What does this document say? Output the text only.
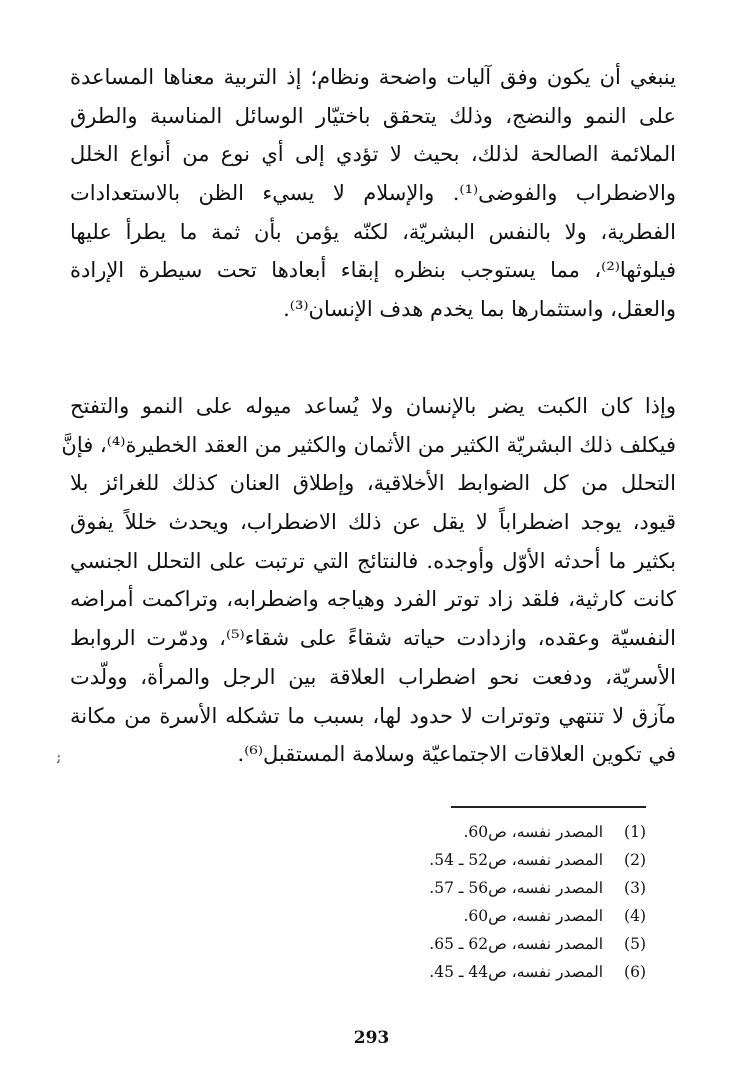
ينبغي أن يكون وفق آليات واضحة ونظام؛ إذ التربية معناها المساعدة
على النمو والنضج، وذلك يتحقق باختيّار الوسائل المناسبة والطرق
الملائمة الصالحة لذلك، بحيث لا تؤدي إلى أي نوع من أنواع الخلل
والاضطراب والفوضى⁽¹⁾. والإسلام لا يسيء الظن بالاستعدادات
الفطرية، ولا بالنفس البشريّة، لكنّه يؤمن بأن ثمة ما يطرأ عليها
فيلوثها⁽²⁾، مما يستوجب بنظره إبقاء أبعادها تحت سيطرة الإرادة
والعقل، واستثمارها بما يخدم هدف الإنسان⁽³⁾.
وإذا كان الكبت يضر بالإنسان ولا يُساعد ميوله على النمو والتفتح
فيكلف ذلك البشريّة الكثير من الأثمان والكثير من العقد الخطيرة⁽⁴⁾، فإنَّ
التحلل من كل الضوابط الأخلاقية، وإطلاق العنان كذلك للغرائز بلا
قيود، يوجد اضطراباً لا يقل عن ذلك الاضطراب، ويحدث خللاً يفوق
بكثير ما أحدثه الأوّل وأوجده. فالنتائج التي ترتبت على التحلل الجنسي
كانت كارثية، فلقد زاد توتر الفرد وهياجه واضطرابه، وتراكمت أمراضه
النفسيّة وعقده، وازدادت حياته شقاءً على شقاء⁽⁵⁾، ودمّرت الروابط
الأسريّة، ودفعت نحو اضطراب العلاقة بين الرجل والمرأة، وولّدت
مآزق لا تنتهي وتوترات لا حدود لها، بسبب ما تشكله الأسرة من مكانة
في تكوين العلاقات الاجتماعيّة وسلامة المستقبل⁽⁶⁾.
ﺋ
(1) المصدر نفسه، ص60.
(2) المصدر نفسه، ص52 ـ 54.
(3) المصدر نفسه، ص56 ـ 57.
(4) المصدر نفسه، ص60.
(5) المصدر نفسه، ص62 ـ 65.
(6) المصدر نفسه، ص44 ـ 45.
293
